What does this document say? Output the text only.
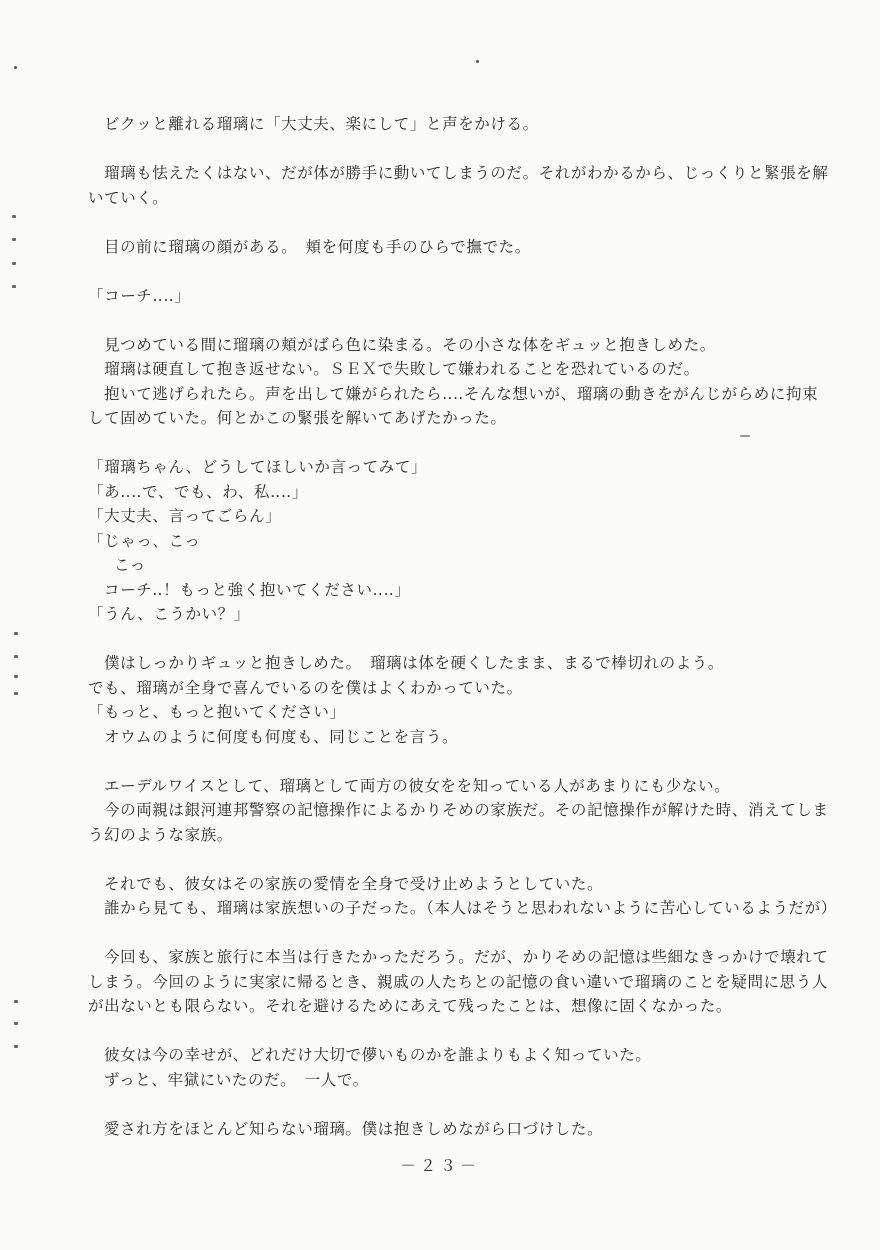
ビクッと離れる瑠璃に「大丈夫、楽にして」と声をかける。
瑠璃も怯えたくはない、だが体が勝手に動いてしまうのだ。それがわかるから、じっくりと緊張を解
いていく。
目の前に瑠璃の顔がある。　頬を何度も手のひらで撫でた。
「コーチ‥‥」
見つめている間に瑠璃の頬がばら色に染まる。その小さな体をギュッと抱きしめた。
瑠璃は硬直して抱き返せない。ＳＥＸで失敗して嫌われることを恐れているのだ。
抱いて逃げられたら。声を出して嫌がられたら‥‥そんな想いが、瑠璃の動きをがんじがらめに拘束
して固めていた。何とかこの緊張を解いてあげたかった。
「瑠璃ちゃん、どうしてほしいか言ってみて」
「あ‥‥で、でも、わ、私‥‥」
「大丈夫、言ってごらん」
「じゃっ、こっ
こっ
コーチ‥！もっと強く抱いてください‥‥」
「うん、こうかい？」
僕はしっかりギュッと抱きしめた。　瑠璃は体を硬くしたまま、まるで棒切れのよう。
でも、瑠璃が全身で喜んでいるのを僕はよくわかっていた。
「もっと、もっと抱いてください」
オウムのように何度も何度も、同じことを言う。
エーデルワイスとして、瑠璃として両方の彼女をを知っている人があまりにも少ない。
今の両親は銀河連邦警察の記憶操作によるかりそめの家族だ。その記憶操作が解けた時、消えてしま
う幻のような家族。
それでも、彼女はその家族の愛情を全身で受け止めようとしていた。
誰から見ても、瑠璃は家族想いの子だった。（本人はそうと思われないように苦心しているようだが）
今回も、家族と旅行に本当は行きたかっただろう。だが、かりそめの記憶は些細なきっかけで壊れて
しまう。今回のように実家に帰るとき、親戚の人たちとの記憶の食い違いで瑠璃のことを疑問に思う人
が出ないとも限らない。それを避けるためにあえて残ったことは、想像に固くなかった。
彼女は今の幸せが、どれだけ大切で儚いものかを誰よりもよく知っていた。
ずっと、牢獄にいたのだ。　一人で。
愛され方をほとんど知らない瑠璃。僕は抱きしめながら口づけした。
－２３－
